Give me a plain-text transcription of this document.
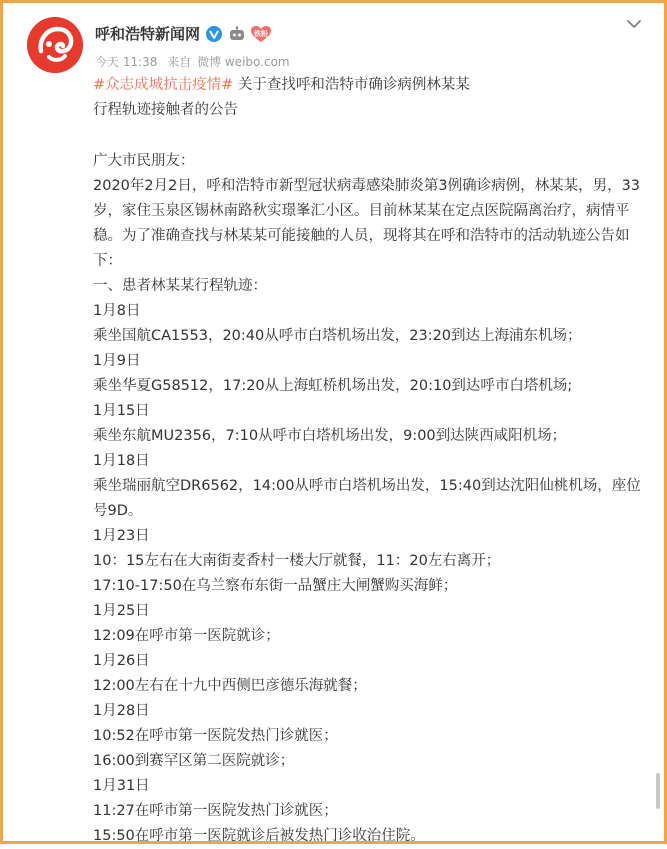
呼和浩特新闻网	铁粉
今天 11:38 来自 微博 weibo.com

#众志成城抗击疫情# 关于查找呼和浩特市确诊病例林某某

行程轨迹接触者的公告

广大市民朋友：

2020年2月2日，呼和浩特市新型冠状病毒感染肺炎第3例确诊病例，林某某，男，33岁，家住玉泉区锡林南路秋实璟峯汇小区。目前林某某在定点医院隔离治疗，病情平稳。为了准确查找与林某某可能接触的人员，现将其在呼和浩特市的活动轨迹公告如下：

一、患者林某某行程轨迹：

1月8日

乘坐国航CA1553，20:40从呼市白塔机场出发，23:20到达上海浦东机场；

1月9日

乘坐华夏G58512，17:20从上海虹桥机场出发，20:10到达呼市白塔机场;

1月15日

乘坐东航MU2356，7:10从呼市白塔机场出发，9:00到达陕西咸阳机场；

1月18日

乘坐瑞丽航空DR6562，14:00从呼市白塔机场出发，15:40到达沈阳仙桃机场，座位号9D。

1月23日

10：15左右在大南街麦香村一楼大厅就餐，11：20左右离开；

17:10-17:50在乌兰察布东街一品蟹庄大闸蟹购买海鲜；

1月25日

12:09在呼市第一医院就诊；

1月26日

12:00左右在十九中西侧巴彦德乐海就餐；

1月28日

10:52在呼市第一医院发热门诊就医；

16:00到赛罕区第二医院就诊；

1月31日

11:27在呼市第一医院发热门诊就医；

15:50在呼市第一医院就诊后被发热门诊收治住院。
